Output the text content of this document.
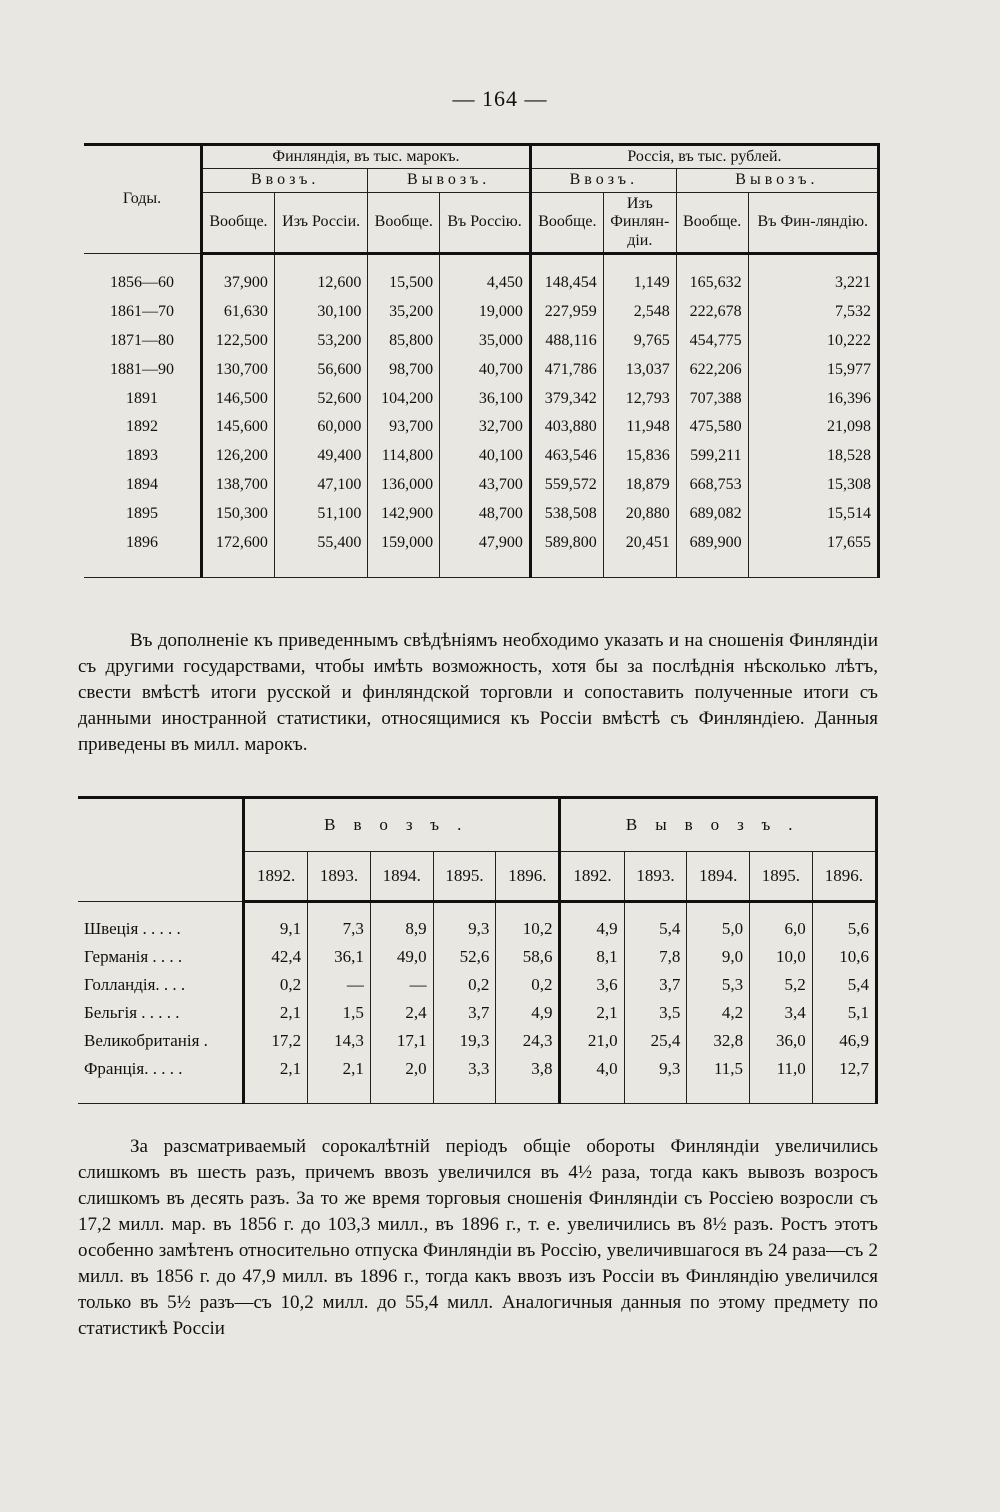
— 164 —
Годы.	Финляндія, въ тыс. марокъ.				Россія, въ тыс. рублей.			
	Ввозъ.		Вывозъ.		Ввозъ.		Вывозъ.	
	Вообще.	Изъ Россіи.	Вообще.	Въ Россію.	Вообще.	Изъ Финлян-діи.	Вообще.	Въ Фин-ляндію.
1856—60	37,900	12,600	15,500	4,450	148,454	1,149	165,632	3,221
1861—70	61,630	30,100	35,200	19,000	227,959	2,548	222,678	7,532
1871—80	122,500	53,200	85,800	35,000	488,116	9,765	454,775	10,222
1881—90	130,700	56,600	98,700	40,700	471,786	13,037	622,206	15,977
1891	146,500	52,600	104,200	36,100	379,342	12,793	707,388	16,396
1892	145,600	60,000	93,700	32,700	403,880	11,948	475,580	21,098
1893	126,200	49,400	114,800	40,100	463,546	15,836	599,211	18,528
1894	138,700	47,100	136,000	43,700	559,572	18,879	668,753	15,308
1895	150,300	51,100	142,900	48,700	538,508	20,880	689,082	15,514
1896	172,600	55,400	159,000	47,900	589,800	20,451	689,900	17,655

Въ дополненіе къ приведеннымъ свѣдѣніямъ необходимо указать и на сношенія Финляндіи съ другими государствами, чтобы имѣть возможность, хотя бы за послѣднія нѣсколько лѣтъ, свести вмѣстѣ итоги русской и финляндской торговли и сопоставить полученные итоги съ данными иностранной статистики, относящимися къ Россіи вмѣстѣ съ Финляндіею. Данныя приведены въ милл. марокъ.

	Ввозъ.					Вывозъ.				
	1892.	1893.	1894.	1895.	1896.	1892.	1893.	1894.	1895.	1896.
Швеція . . . . .	9,1	7,3	8,9	9,3	10,2	4,9	5,4	5,0	6,0	5,6
Германія . . . .	42,4	36,1	49,0	52,6	58,6	8,1	7,8	9,0	10,0	10,6
Голландія. . . .	0,2	—	—	0,2	0,2	3,6	3,7	5,3	5,2	5,4
Бельгія . . . . .	2,1	1,5	2,4	3,7	4,9	2,1	3,5	4,2	3,4	5,1
Великобританія .	17,2	14,3	17,1	19,3	24,3	21,0	25,4	32,8	36,0	46,9
Франція. . . . .	2,1	2,1	2,0	3,3	3,8	4,0	9,3	11,5	11,0	12,7

За разсматриваемый сорокалѣтній періодъ общіе обороты Финляндіи увеличились слишкомъ въ шесть разъ, причемъ ввозъ увеличился въ 4½ раза, тогда какъ вывозъ возросъ слишкомъ въ десять разъ. За то же время торговыя сношенія Финляндіи съ Россіею возросли съ 17,2 милл. мар. въ 1856 г. до 103,3 милл., въ 1896 г., т. е. увеличились въ 8½ разъ. Ростъ этотъ особенно замѣтенъ относительно отпуска Финляндіи въ Россію, увеличившагося въ 24 раза—съ 2 милл. въ 1856 г. до 47,9 милл. въ 1896 г., тогда какъ ввозъ изъ Россіи въ Финляндію увеличился только въ 5½ разъ—съ 10,2 милл. до 55,4 милл. Аналогичныя данныя по этому предмету по статистикѣ Россіи
